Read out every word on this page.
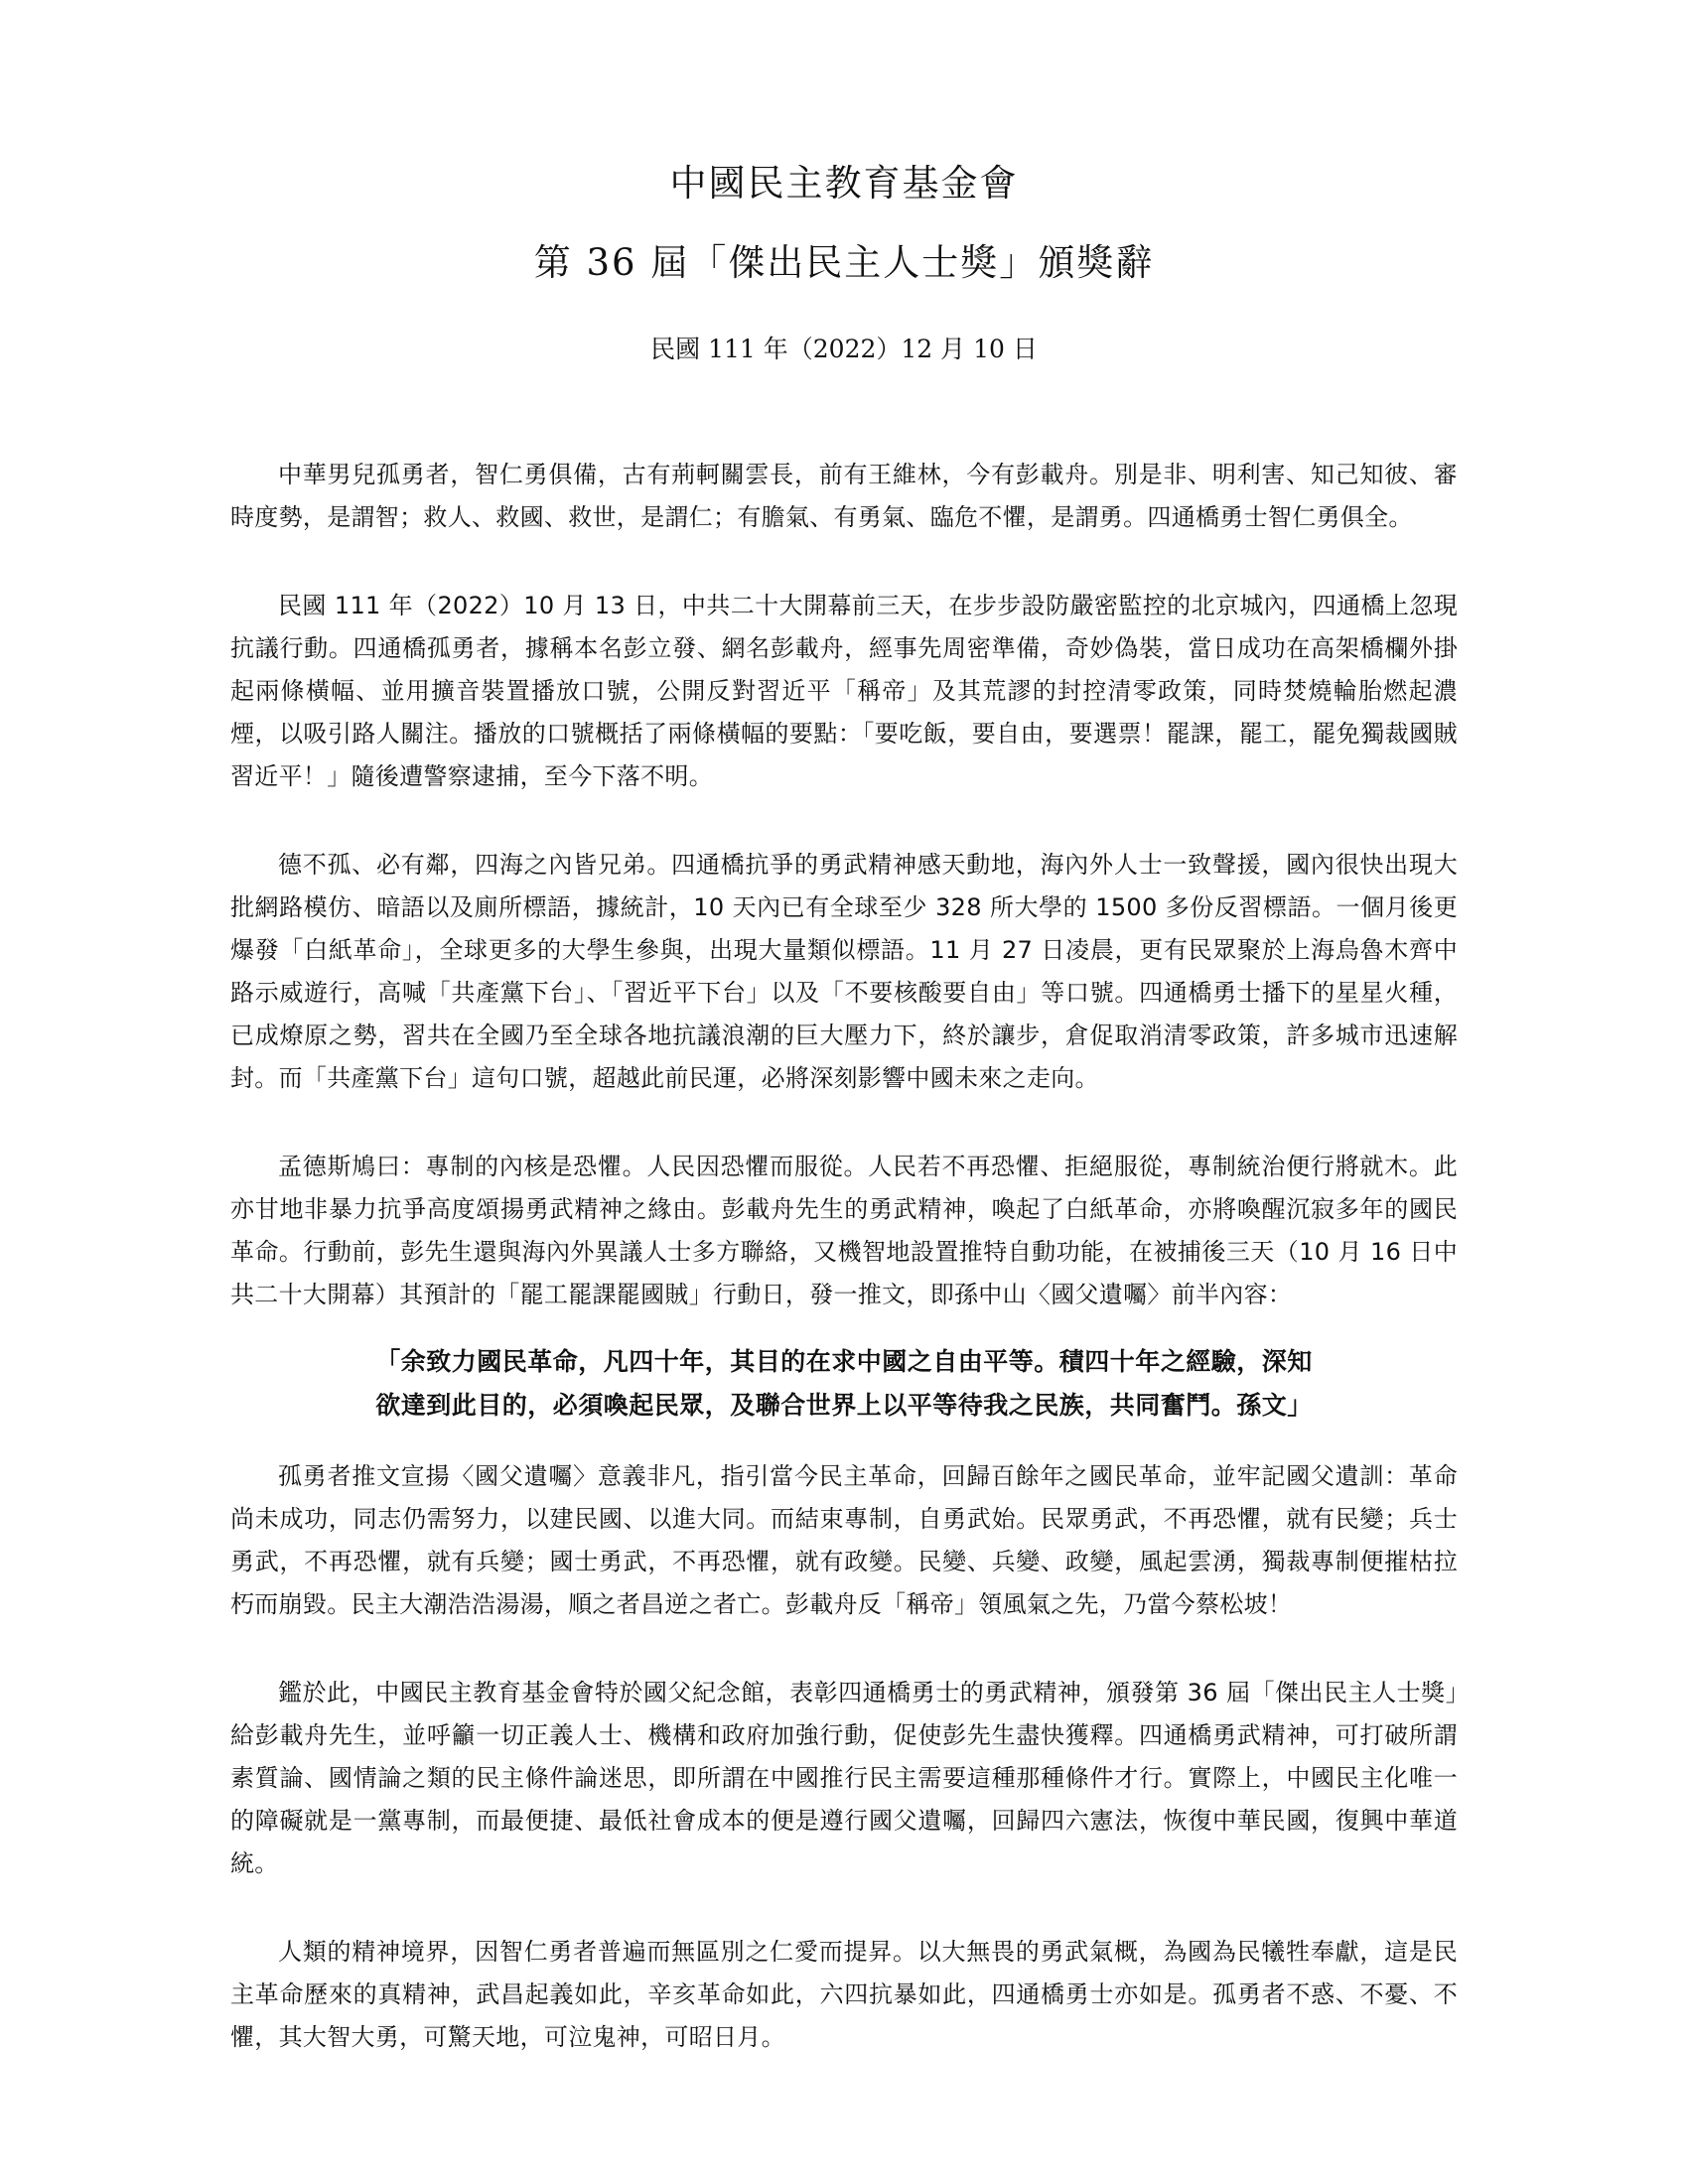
中國民主教育基金會
第 36 屆「傑出民主人士獎」頒獎辭

民國 111 年（2022）12 月 10 日

中華男兒孤勇者，智仁勇俱備，古有荊軻關雲長，前有王維林，今有彭載舟。別是非、明利害、知己知彼、審時度勢，是謂智；救人、救國、救世，是謂仁；有膽氣、有勇氣、臨危不懼，是謂勇。四通橋勇士智仁勇俱全。

民國 111 年（2022）10 月 13 日，中共二十大開幕前三天，在步步設防嚴密監控的北京城內，四通橋上忽現抗議行動。四通橋孤勇者，據稱本名彭立發、網名彭載舟，經事先周密準備，奇妙偽裝，當日成功在高架橋欄外掛起兩條橫幅、並用擴音裝置播放口號，公開反對習近平「稱帝」及其荒謬的封控清零政策，同時焚燒輪胎燃起濃煙，以吸引路人關注。播放的口號概括了兩條橫幅的要點：「要吃飯，要自由，要選票！罷課，罷工，罷免獨裁國賊習近平！」隨後遭警察逮捕，至今下落不明。

德不孤、必有鄰，四海之內皆兄弟。四通橋抗爭的勇武精神感天動地，海內外人士一致聲援，國內很快出現大批網路模仿、暗語以及廁所標語，據統計，10 天內已有全球至少 328 所大學的 1500 多份反習標語。一個月後更爆發「白紙革命」，全球更多的大學生參與，出現大量類似標語。11 月 27 日凌晨，更有民眾聚於上海烏魯木齊中路示威遊行，高喊「共產黨下台」、「習近平下台」以及「不要核酸要自由」等口號。四通橋勇士播下的星星火種，已成燎原之勢，習共在全國乃至全球各地抗議浪潮的巨大壓力下，終於讓步，倉促取消清零政策，許多城市迅速解封。而「共產黨下台」這句口號，超越此前民運，必將深刻影響中國未來之走向。

孟德斯鳩曰：專制的內核是恐懼。人民因恐懼而服從。人民若不再恐懼、拒絕服從，專制統治便行將就木。此亦甘地非暴力抗爭高度頌揚勇武精神之緣由。彭載舟先生的勇武精神，喚起了白紙革命，亦將喚醒沉寂多年的國民革命。行動前，彭先生還與海內外異議人士多方聯絡，又機智地設置推特自動功能，在被捕後三天（10 月 16 日中共二十大開幕）其預計的「罷工罷課罷國賊」行動日，發一推文，即孫中山〈國父遺囑〉前半內容：

「余致力國民革命，凡四十年，其目的在求中國之自由平等。積四十年之經驗，深知
欲達到此目的，必須喚起民眾，及聯合世界上以平等待我之民族，共同奮鬥。孫文」

孤勇者推文宣揚〈國父遺囑〉意義非凡，指引當今民主革命，回歸百餘年之國民革命，並牢記國父遺訓：革命尚未成功，同志仍需努力，以建民國、以進大同。而結束專制，自勇武始。民眾勇武，不再恐懼，就有民變；兵士勇武，不再恐懼，就有兵變；國士勇武，不再恐懼，就有政變。民變、兵變、政變，風起雲湧，獨裁專制便摧枯拉朽而崩毀。民主大潮浩浩湯湯，順之者昌逆之者亡。彭載舟反「稱帝」領風氣之先，乃當今蔡松坡！

鑑於此，中國民主教育基金會特於國父紀念館，表彰四通橋勇士的勇武精神，頒發第 36 屆「傑出民主人士獎」給彭載舟先生，並呼籲一切正義人士、機構和政府加強行動，促使彭先生盡快獲釋。四通橋勇武精神，可打破所謂素質論、國情論之類的民主條件論迷思，即所謂在中國推行民主需要這種那種條件才行。實際上，中國民主化唯一的障礙就是一黨專制，而最便捷、最低社會成本的便是遵行國父遺囑，回歸四六憲法，恢復中華民國，復興中華道統。

人類的精神境界，因智仁勇者普遍而無區別之仁愛而提昇。以大無畏的勇武氣概，為國為民犧牲奉獻，這是民主革命歷來的真精神，武昌起義如此，辛亥革命如此，六四抗暴如此，四通橋勇士亦如是。孤勇者不惑、不憂、不懼，其大智大勇，可驚天地，可泣鬼神，可昭日月。
